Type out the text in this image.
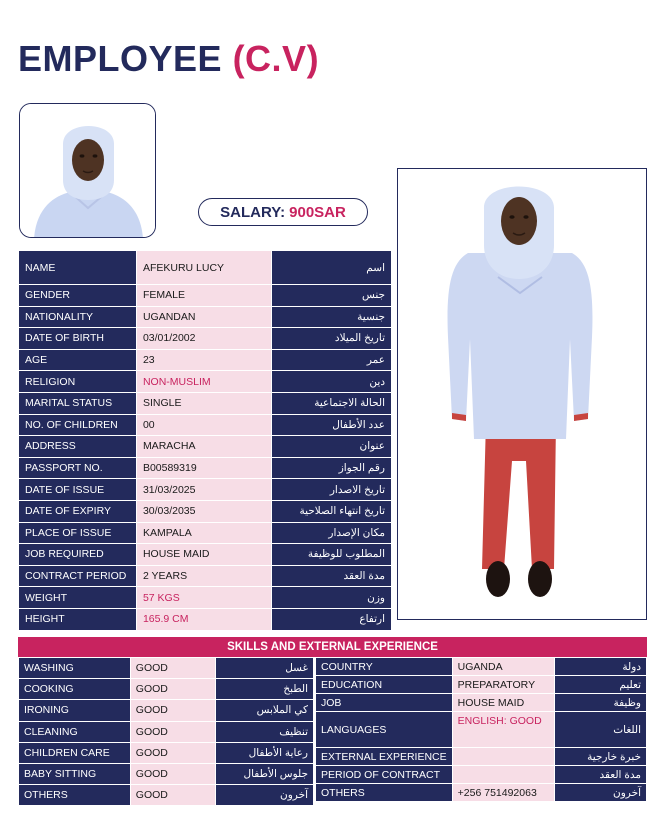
EMPLOYEE (C.V)
SALARY: 900SAR
NAME	AFEKURU LUCY	اسم
GENDER	FEMALE	جنس
NATIONALITY	UGANDAN	جنسية
DATE OF BIRTH	03/01/2002	تاريخ الميلاد
AGE	23	عمر
RELIGION	NON-MUSLIM	دين
MARITAL STATUS	SINGLE	الحالة الاجتماعية
NO. OF CHILDREN	00	عدد الأطفال
ADDRESS	MARACHA	عنوان
PASSPORT NO.	B00589319	رقم الجواز
DATE OF ISSUE	31/03/2025	تاريخ الاصدار
DATE OF EXPIRY	30/03/2035	تاريخ انتهاء الصلاحية
PLACE OF ISSUE	KAMPALA	مكان الإصدار
JOB REQUIRED	HOUSE MAID	المطلوب للوظيفة
CONTRACT PERIOD	2 YEARS	مدة العقد
WEIGHT	57 KGS	وزن
HEIGHT	165.9 CM	ارتفاع
SKILLS AND EXTERNAL EXPERIENCE
WASHING	GOOD	غسل
COOKING	GOOD	الطبخ
IRONING	GOOD	كي الملابس
CLEANING	GOOD	تنظيف
CHILDREN CARE	GOOD	رعاية الأطفال
BABY SITTING	GOOD	جلوس الأطفال
OTHERS	GOOD	آخرون
COUNTRY	UGANDA	دولة
EDUCATION	PREPARATORY	تعليم
JOB	HOUSE MAID	وظيفة
LANGUAGES	ENGLISH: GOOD	اللغات
EXTERNAL EXPERIENCE		خبرة خارجية
PERIOD OF CONTRACT		مدة العقد
OTHERS	+256 751492063	آخرون
